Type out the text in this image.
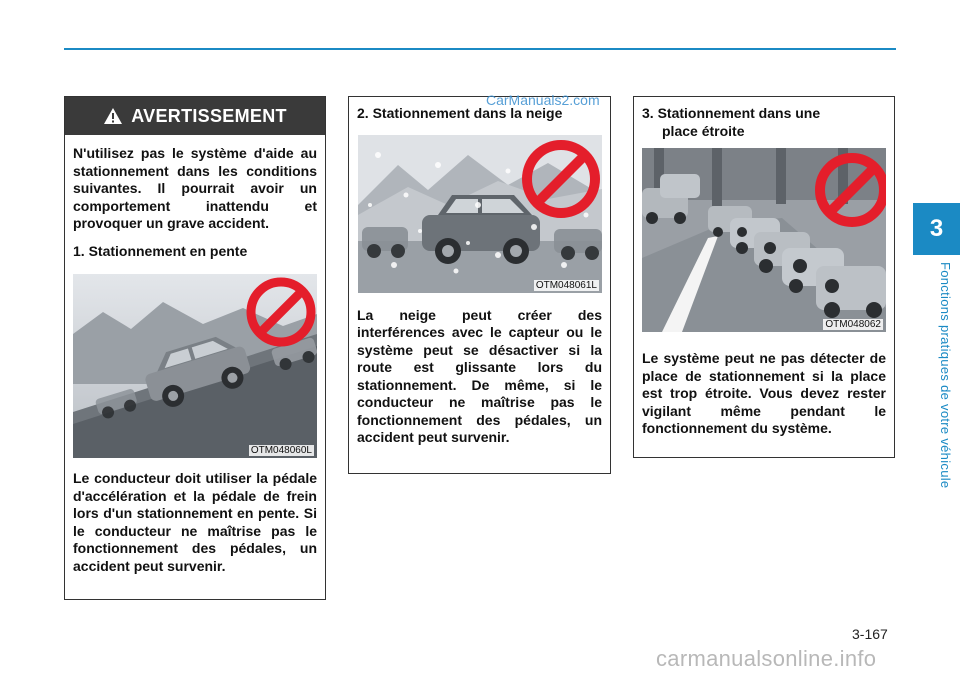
3
Fonctions pratiques de votre véhicule
AVERTISSEMENT

N'utilisez pas le système d'aide au stationnement dans les conditions suivantes. Il pourrait avoir un comportement inattendu et provoquer un grave accident.

1. Stationnement en pente

OTM048060L

Le conducteur doit utiliser la pédale d'accélération et la pédale de frein lors d'un stationnement en pente. Si le conducteur ne maîtrise pas le fonctionnement des pédales, un accident peut survenir.

2. Stationnement dans la neige

OTM048061L

La neige peut créer des interférences avec le capteur ou le système peut se désactiver si la route est glissante lors du stationnement. De même, si le conducteur ne maîtrise pas le fonctionnement des pédales, un accident peut survenir.

3. Stationnement dans une

place étroite

OTM048062

Le système peut ne pas détecter de place de stationnement si la place est trop étroite. Vous devez rester vigilant même pendant le fonctionnement du système.

CarManuals2.com
3-167
carmanualsonline.info
